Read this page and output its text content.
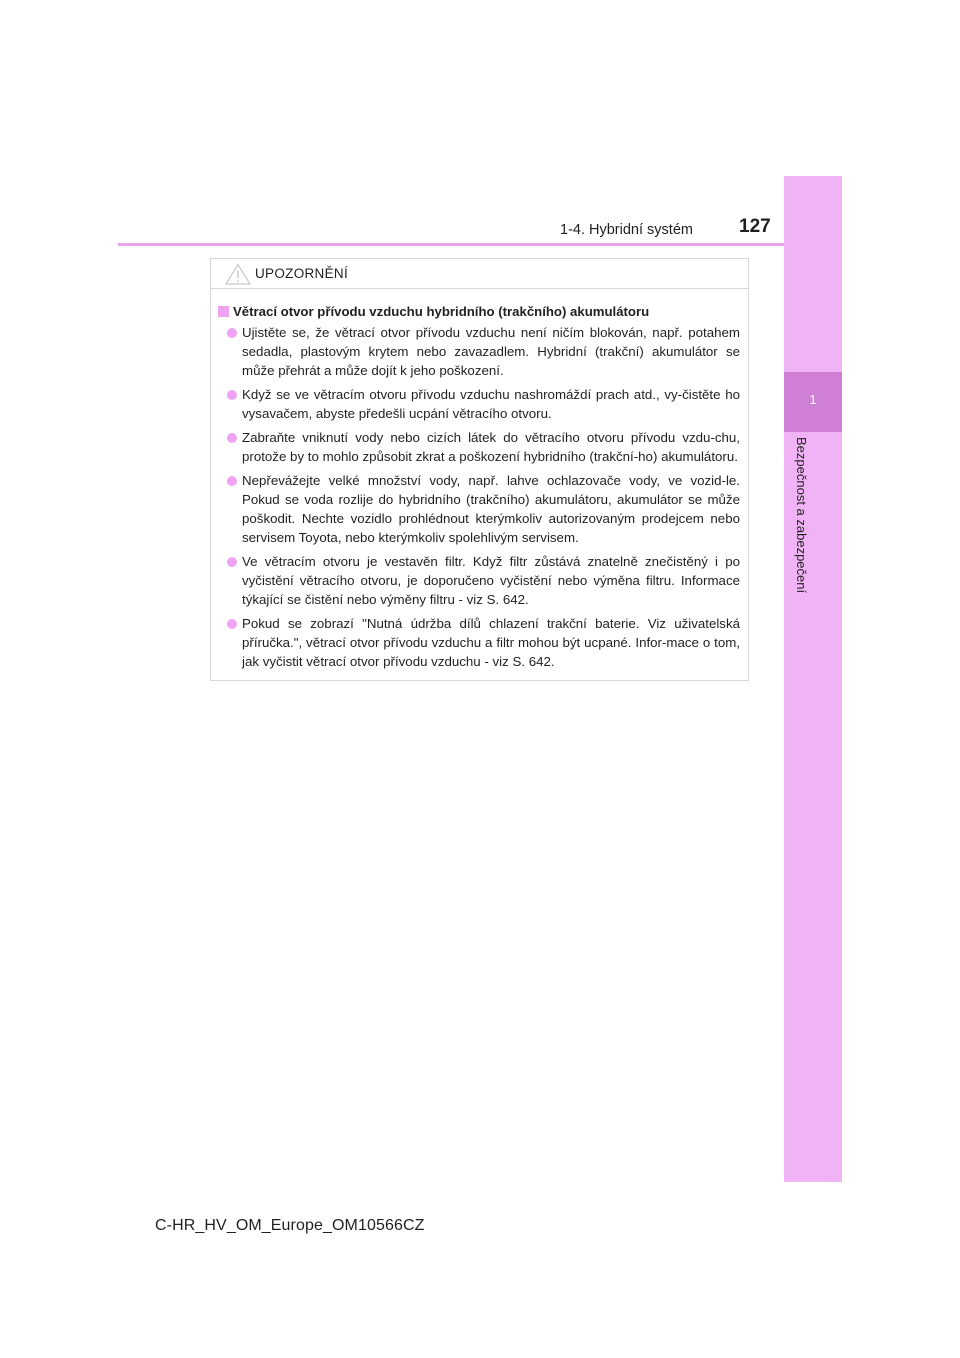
1-4. Hybridní systém	127
1
Bezpečnost a zabezpečení
UPOZORNĚNÍ
Větrací otvor přívodu vzduchu hybridního (trakčního) akumulátoru
Ujistěte se, že větrací otvor přívodu vzduchu není ničím blokován, např. potahem sedadla, plastovým krytem nebo zavazadlem. Hybridní (trakční) akumulátor se může přehrát a může dojít k jeho poškození.
Když se ve větracím otvoru přívodu vzduchu nashromáždí prach atd., vy-čistěte ho vysavačem, abyste předešli ucpání větracího otvoru.
Zabraňte vniknutí vody nebo cizích látek do větracího otvoru přívodu vzdu-chu, protože by to mohlo způsobit zkrat a poškození hybridního (trakční-ho) akumulátoru.
Nepřevážejte velké množství vody, např. lahve ochlazovače vody, ve vozid-le. Pokud se voda rozlije do hybridního (trakčního) akumulátoru, akumulátor se může poškodit. Nechte vozidlo prohlédnout kterýmkoliv autorizovaným prodejcem nebo servisem Toyota, nebo kterýmkoliv spolehlivým servisem.
Ve větracím otvoru je vestavěn filtr. Když filtr zůstává znatelně znečistěný i po vyčistění větracího otvoru, je doporučeno vyčistění nebo výměna filtru. Informace týkající se čistění nebo výměny filtru - viz S. 642.
Pokud se zobrazí "Nutná údržba dílů chlazení trakční baterie. Viz uživatelská příručka.", větrací otvor přívodu vzduchu a filtr mohou být ucpané. Infor-mace o tom, jak vyčistit větrací otvor přívodu vzduchu - viz S. 642.
C-HR_HV_OM_Europe_OM10566CZ
